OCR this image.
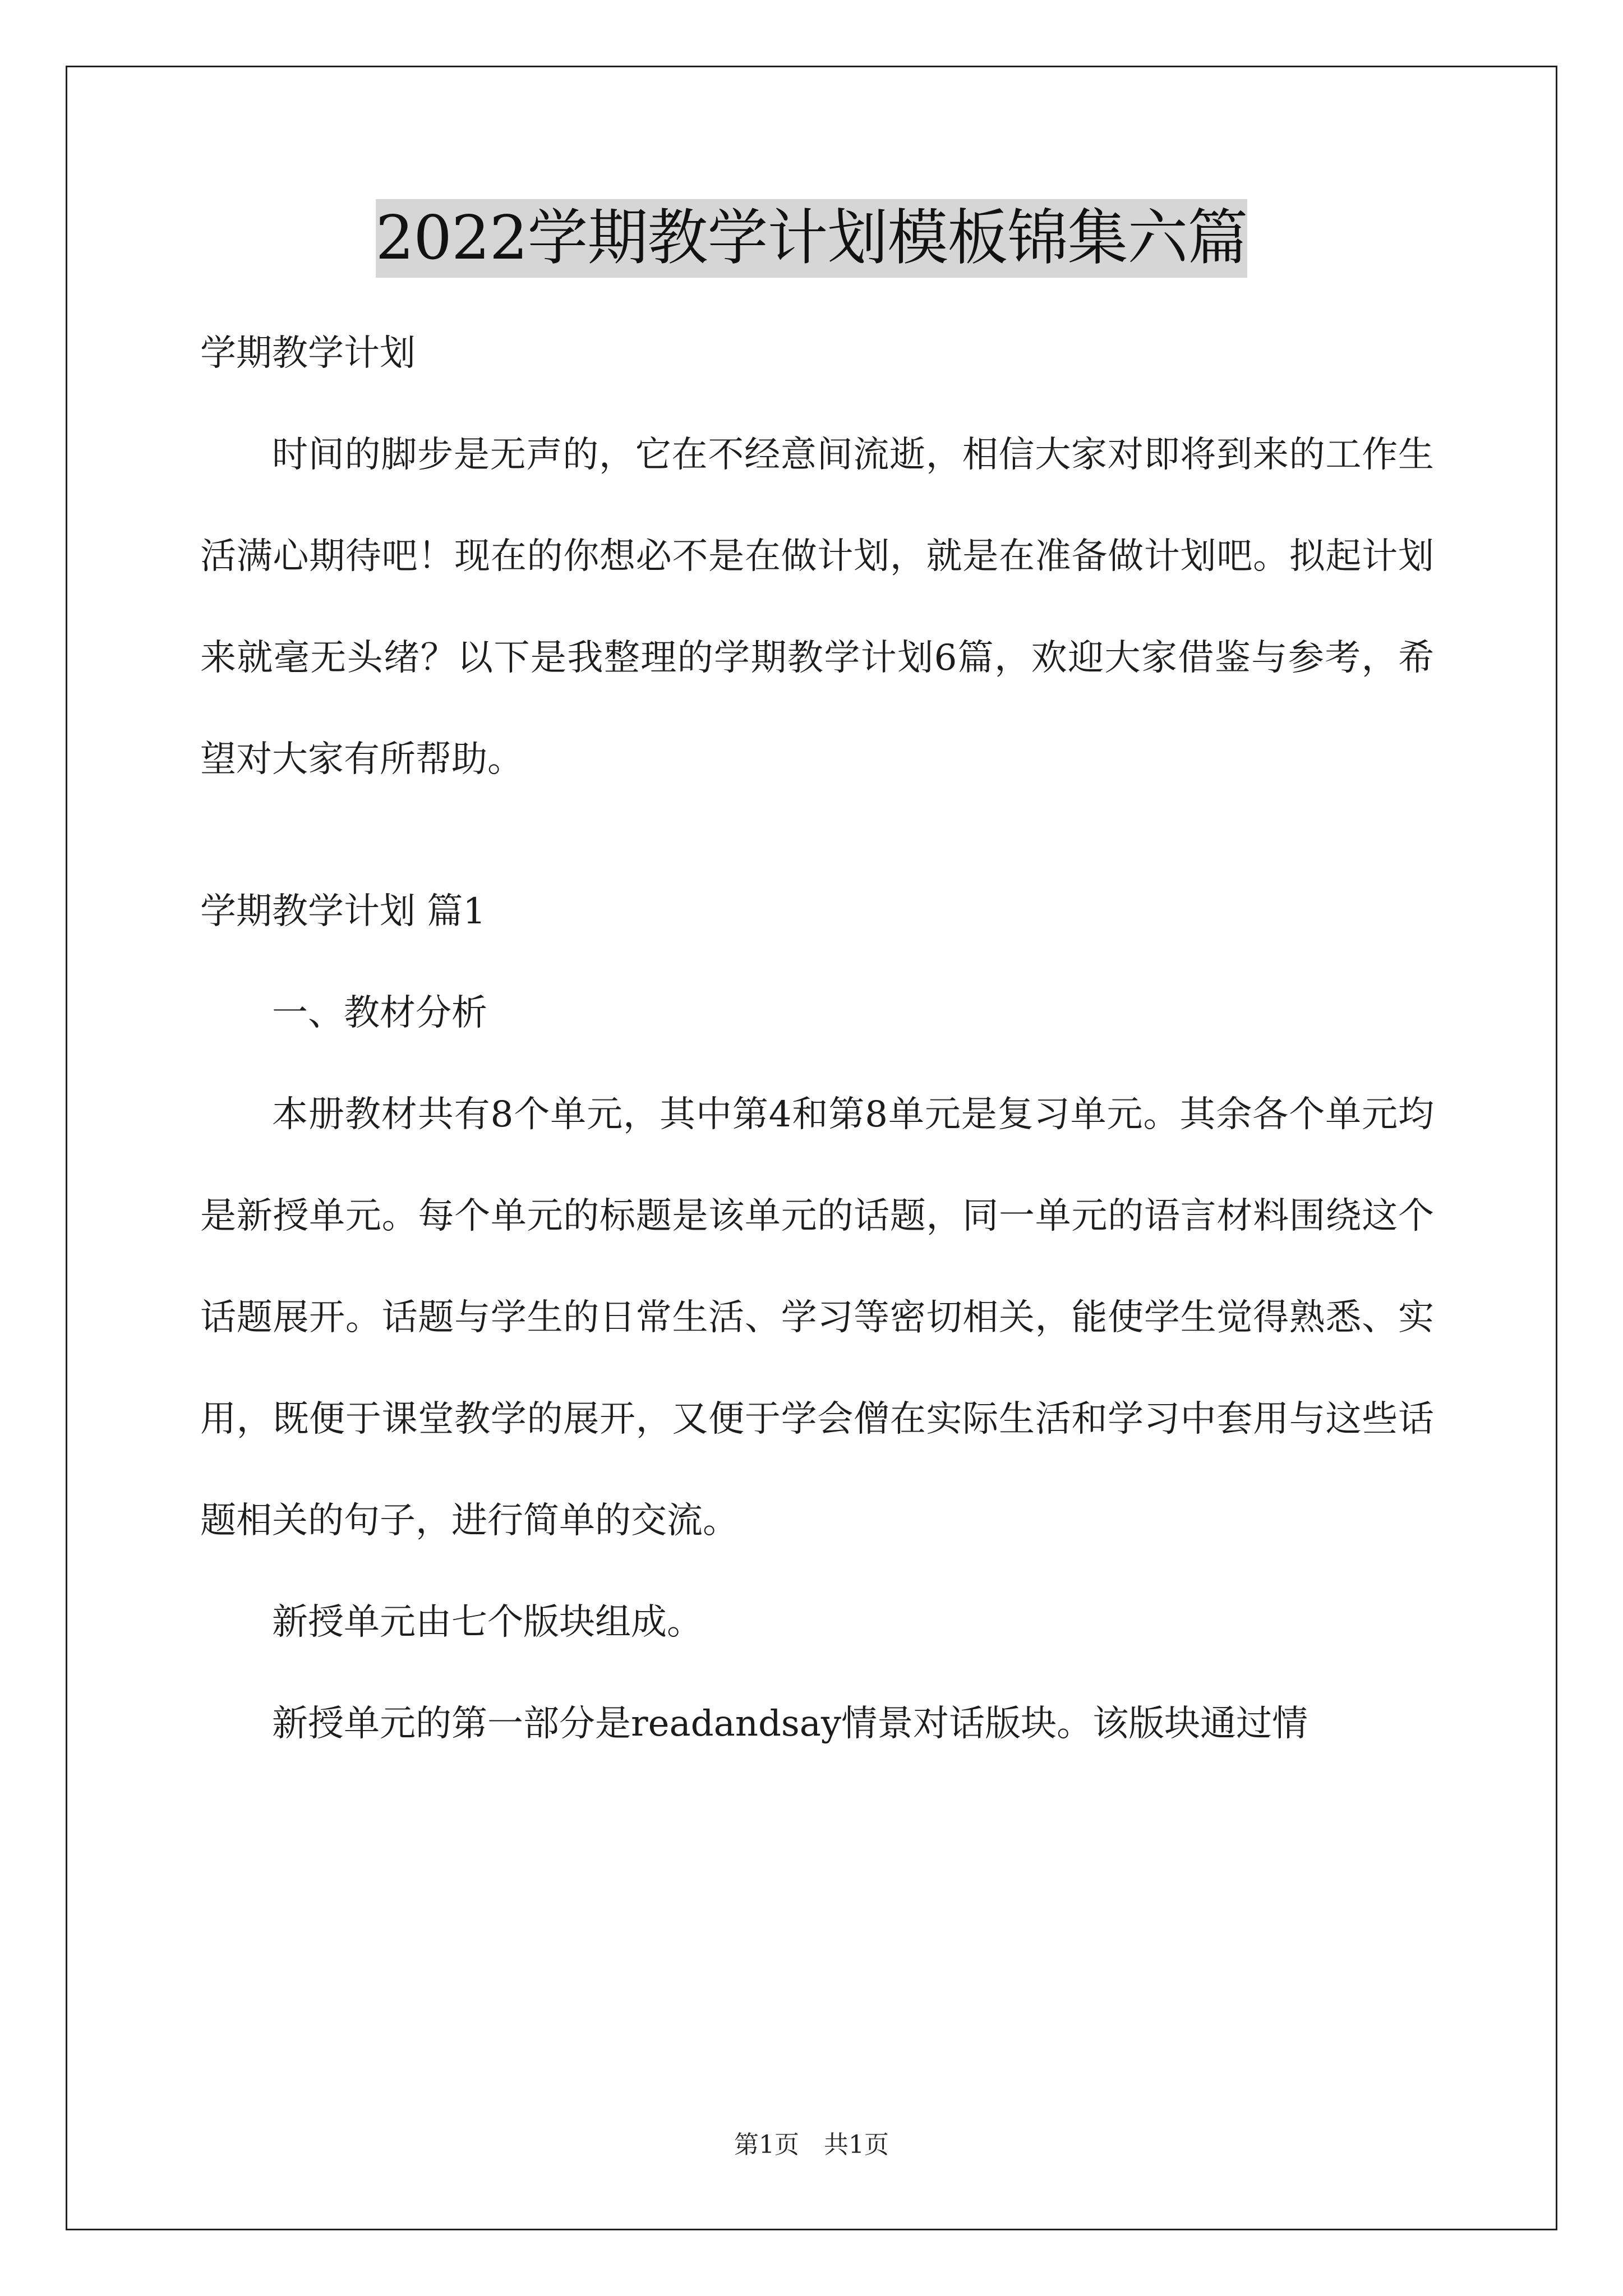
2022学期教学计划模板锦集六篇

学期教学计划

时间的脚步是无声的，它在不经意间流逝，相信大家对即将到来的工作生活满心期待吧！现在的你想必不是在做计划，就是在准备做计划吧。拟起计划来就毫无头绪？以下是我整理的学期教学计划6篇，欢迎大家借鉴与参考，希望对大家有所帮助。

学期教学计划 篇1

一、教材分析

本册教材共有8个单元，其中第4和第8单元是复习单元。其余各个单元均是新授单元。每个单元的标题是该单元的话题，同一单元的语言材料围绕这个话题展开。话题与学生的日常生活、学习等密切相关，能使学生觉得熟悉、实用，既便于课堂教学的展开，又便于学会僧在实际生活和学习中套用与这些话题相关的句子，进行简单的交流。

新授单元由七个版块组成。

新授单元的第一部分是readandsay情景对话版块。该版块通过情

第1页 共1页
